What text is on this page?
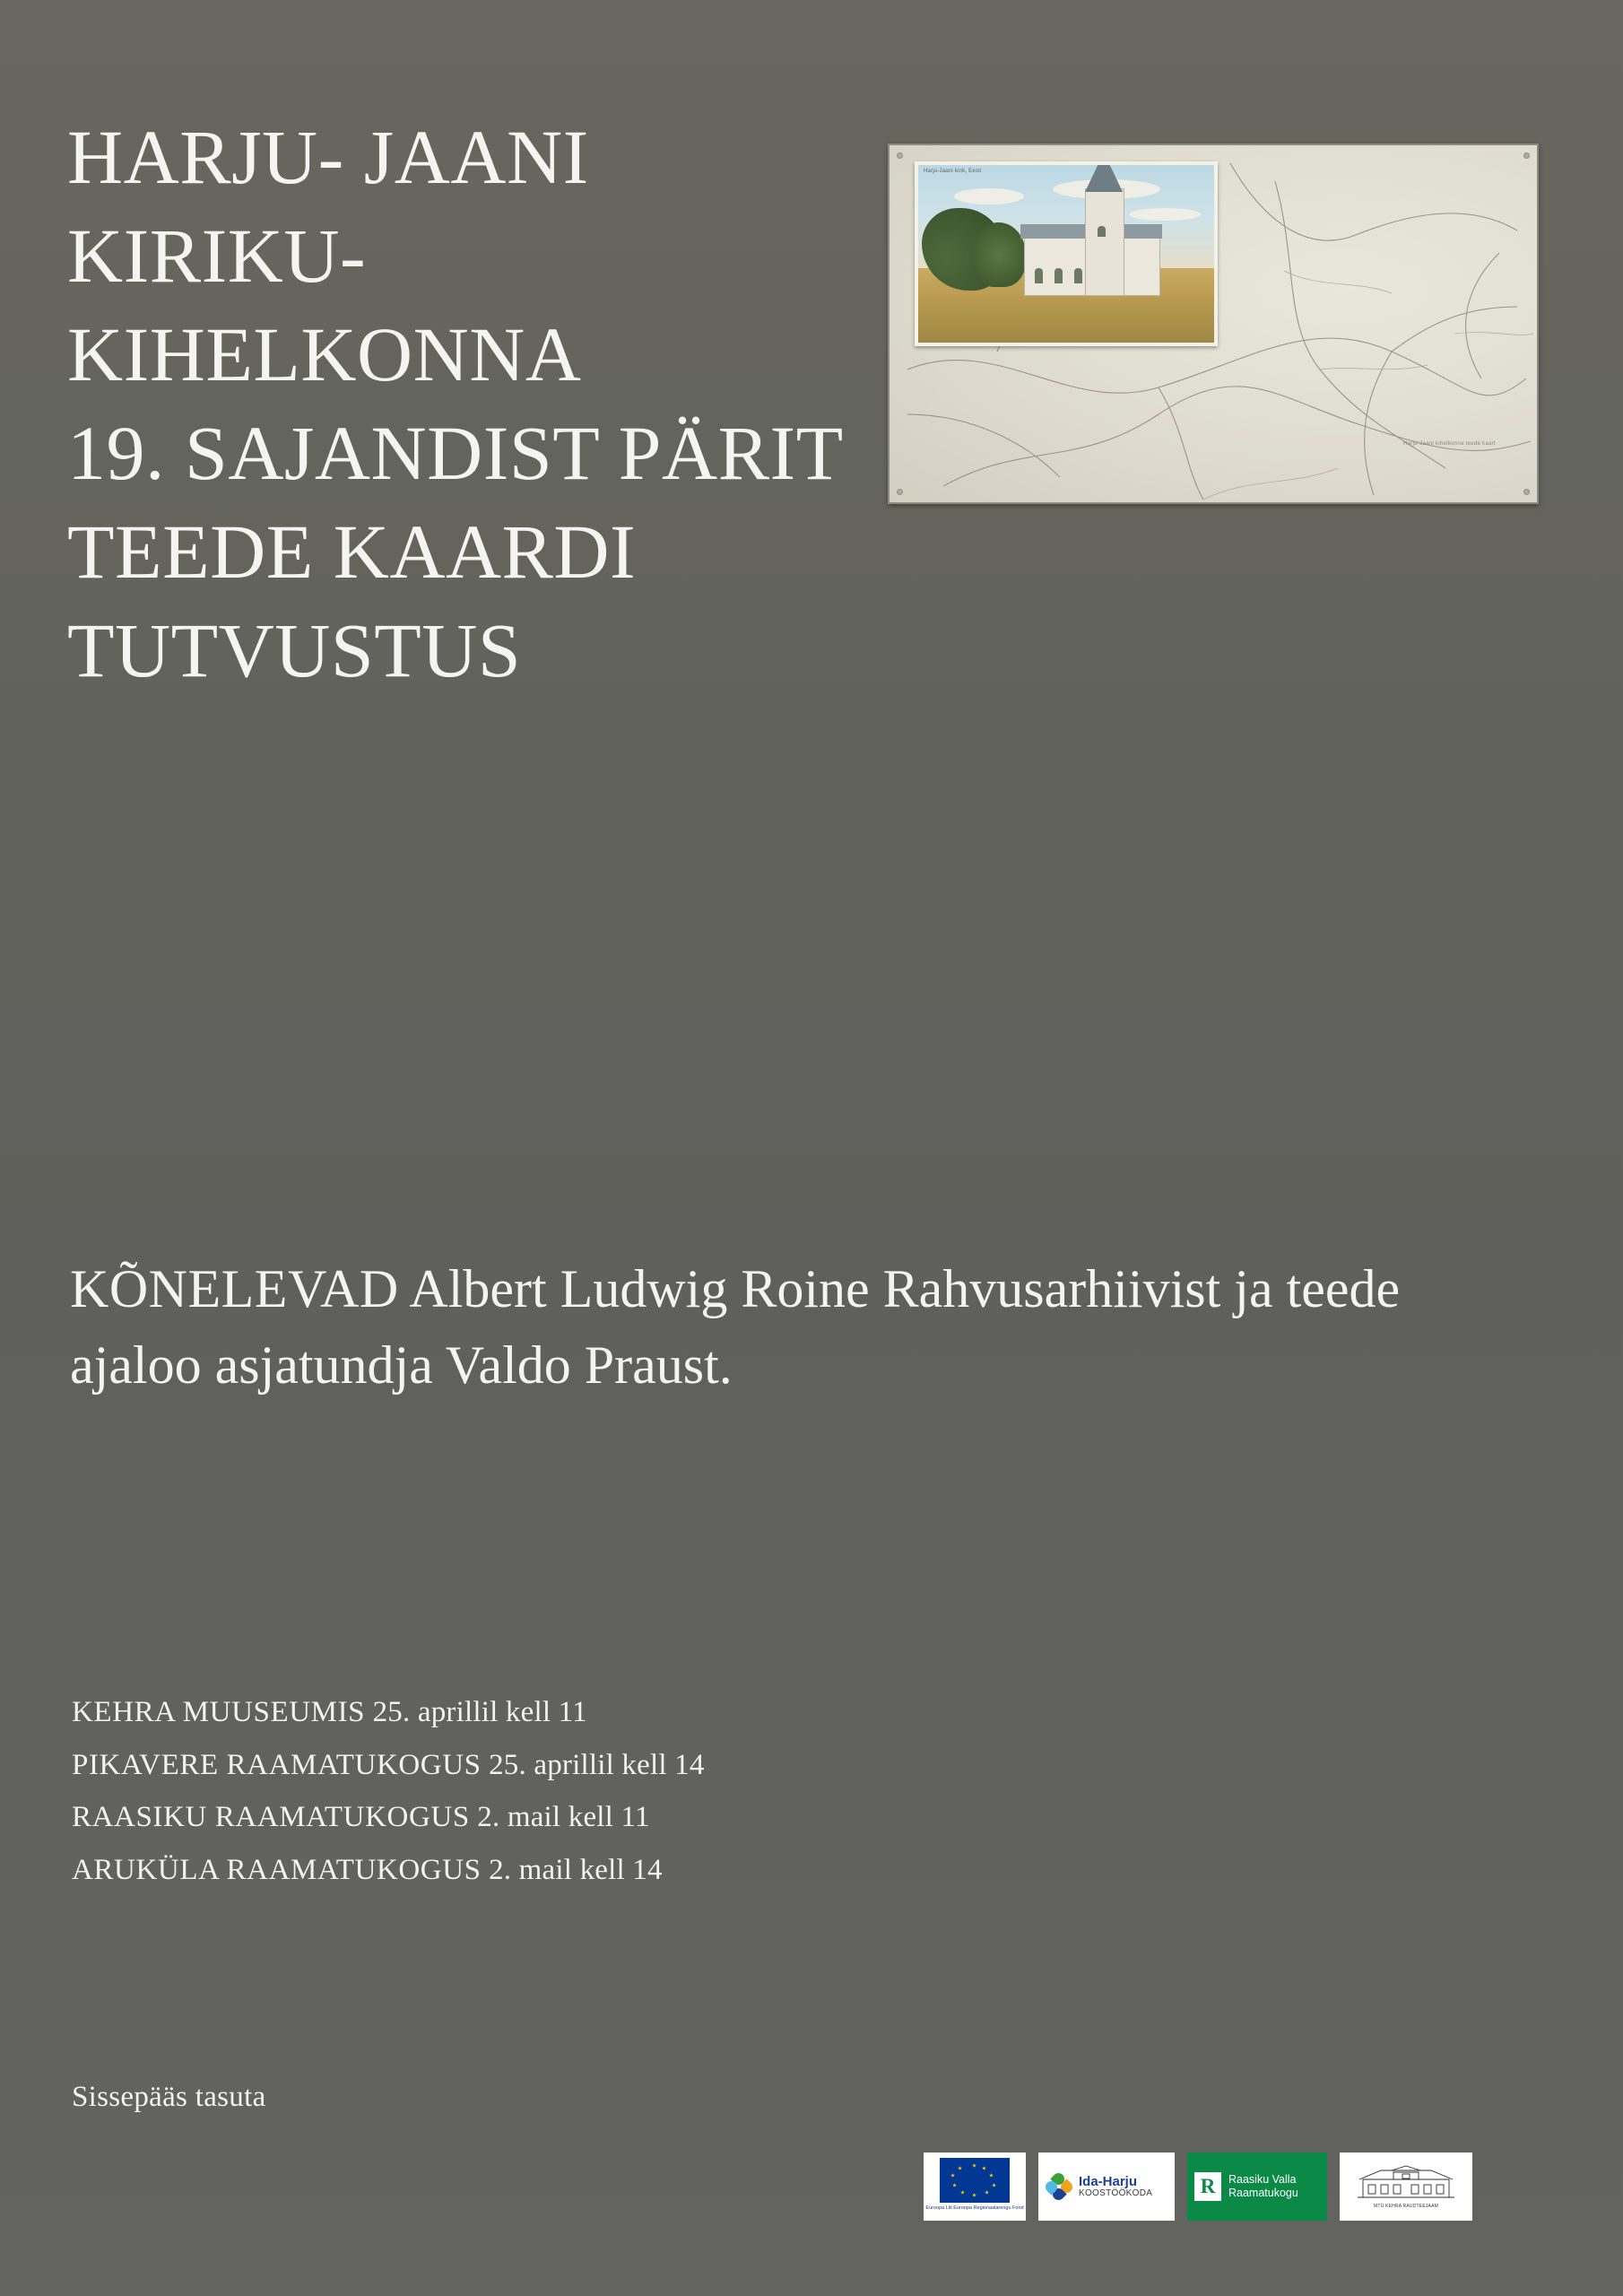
HARJU- JAANI
KIRIKU-
KIHELKONNA
19. SAJANDIST PÄRIT
TEEDE KAARDI
TUTVUSTUS
Harju-Jaani kirik, Eesti
Harju-Jaani kihelkonna teede kaart
KÕNELEVAD Albert Ludwig Roine Rahvusarhiivist ja teede ajaloo asjatundja Valdo Praust.
KEHRA MUUSEUMIS 25. aprillil kell 11
PIKAVERE RAAMATUKOGUS 25. aprillil kell 14
RAASIKU RAAMATUKOGUS 2. mail kell 11
ARUKÜLA RAAMATUKOGUS 2. mail kell 14
Sissepääs tasuta
Euroopa Liit Euroopa Regionaalarengu Fond
Ida-Harju
KOOSTÖÖKODA R	Raasiku Valla
Raamatukogu
MTÜ KEHRA RAUDTEEJAAM
